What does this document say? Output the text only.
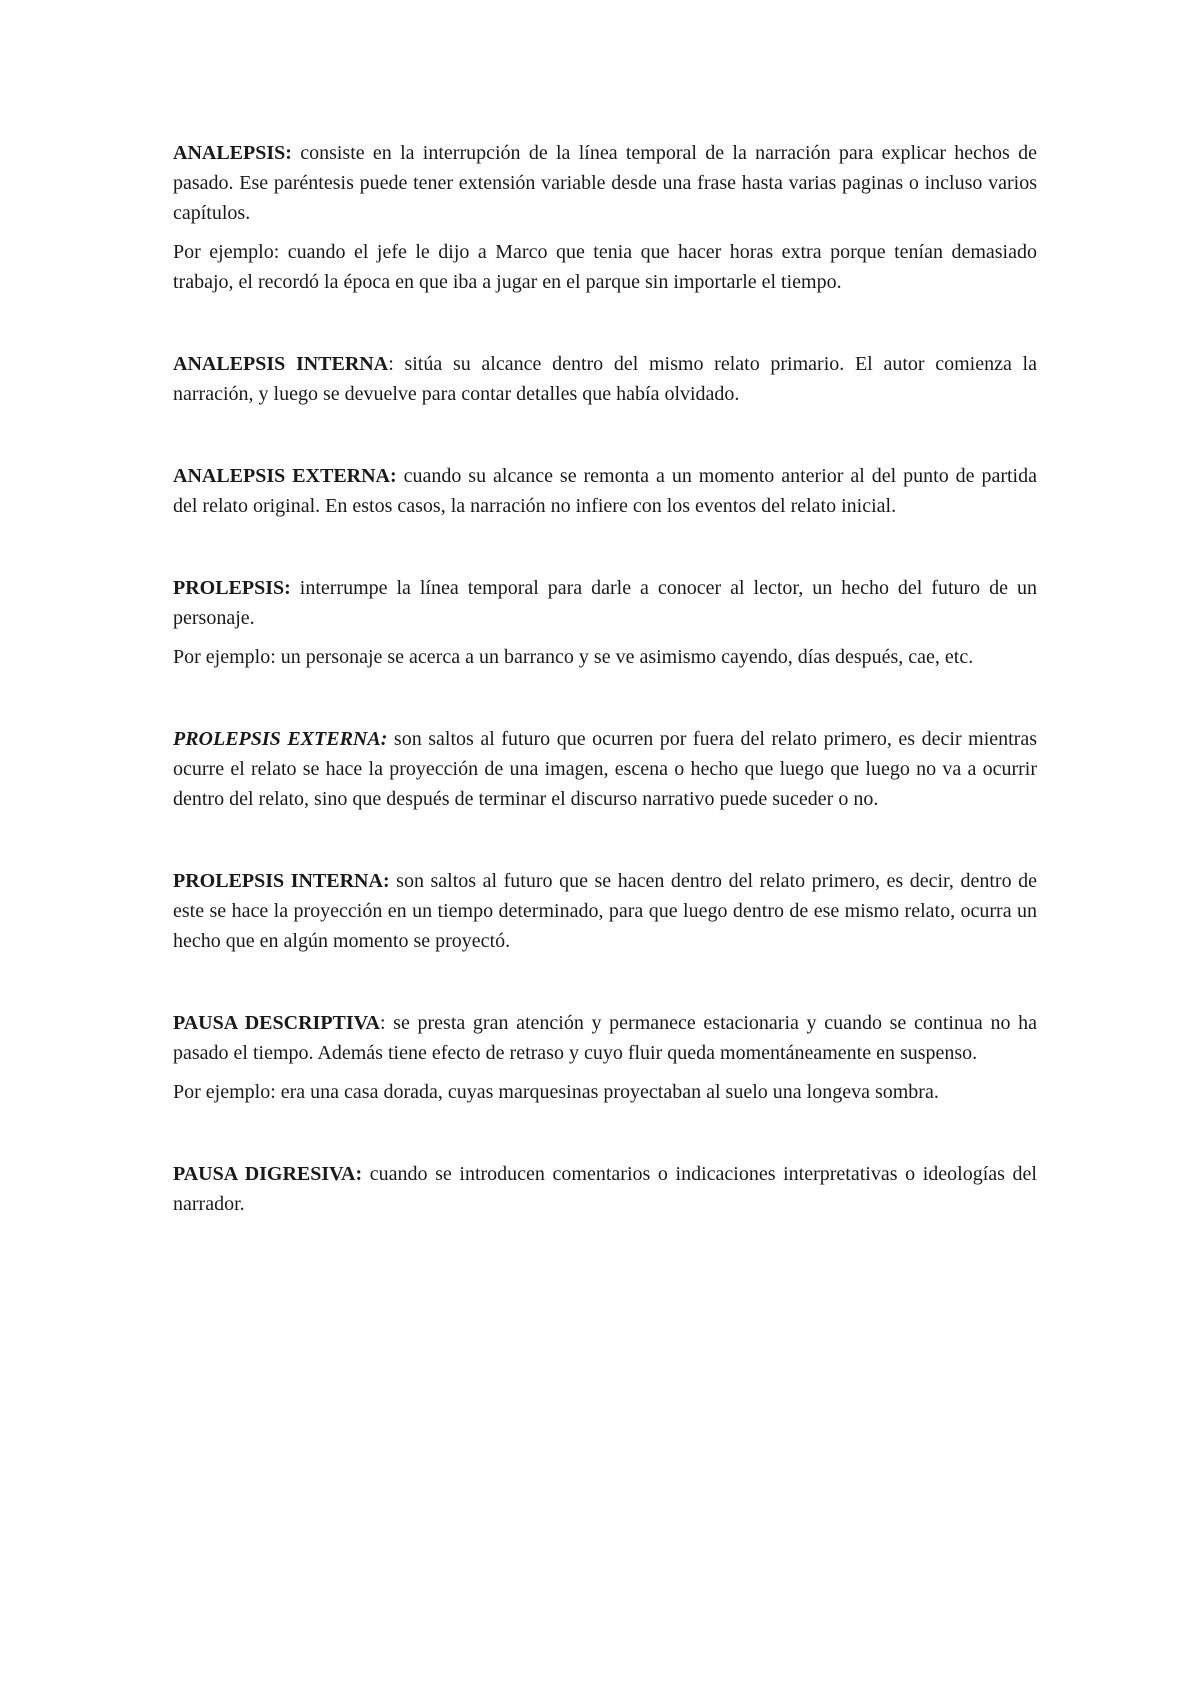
ANALEPSIS: consiste en la interrupción de la línea temporal de la narración para explicar hechos de pasado. Ese paréntesis puede tener extensión variable desde una frase hasta varias paginas o incluso varios capítulos.

Por ejemplo: cuando el jefe le dijo a Marco que tenia que hacer horas extra porque tenían demasiado trabajo, el recordó la época en que iba a jugar en el parque sin importarle el tiempo.

ANALEPSIS INTERNA: sitúa su alcance dentro del mismo relato primario. El autor comienza la narración, y luego se devuelve para contar detalles que había olvidado.

ANALEPSIS EXTERNA: cuando su alcance se remonta a un momento anterior al del punto de partida del relato original. En estos casos, la narración no infiere con los eventos del relato inicial.

PROLEPSIS: interrumpe la línea temporal para darle a conocer al lector, un hecho del futuro de un personaje.

Por ejemplo: un personaje se acerca a un barranco y se ve asimismo cayendo, días después, cae, etc.

PROLEPSIS EXTERNA: son saltos al futuro que ocurren por fuera del relato primero, es decir mientras ocurre el relato se hace la proyección de una imagen, escena o hecho que luego que luego no va a ocurrir dentro del relato, sino que después de terminar el discurso narrativo puede suceder o no.

PROLEPSIS INTERNA: son saltos al futuro que se hacen dentro del relato primero, es decir, dentro de este se hace la proyección en un tiempo determinado, para que luego dentro de ese mismo relato, ocurra un hecho que en algún momento se proyectó.

PAUSA DESCRIPTIVA: se presta gran atención y permanece estacionaria y cuando se continua no ha pasado el tiempo. Además tiene efecto de retraso y cuyo fluir queda momentáneamente en suspenso.

Por ejemplo: era una casa dorada, cuyas marquesinas proyectaban al suelo una longeva sombra.

PAUSA DIGRESIVA: cuando se introducen comentarios o indicaciones interpretativas o ideologías del narrador.
